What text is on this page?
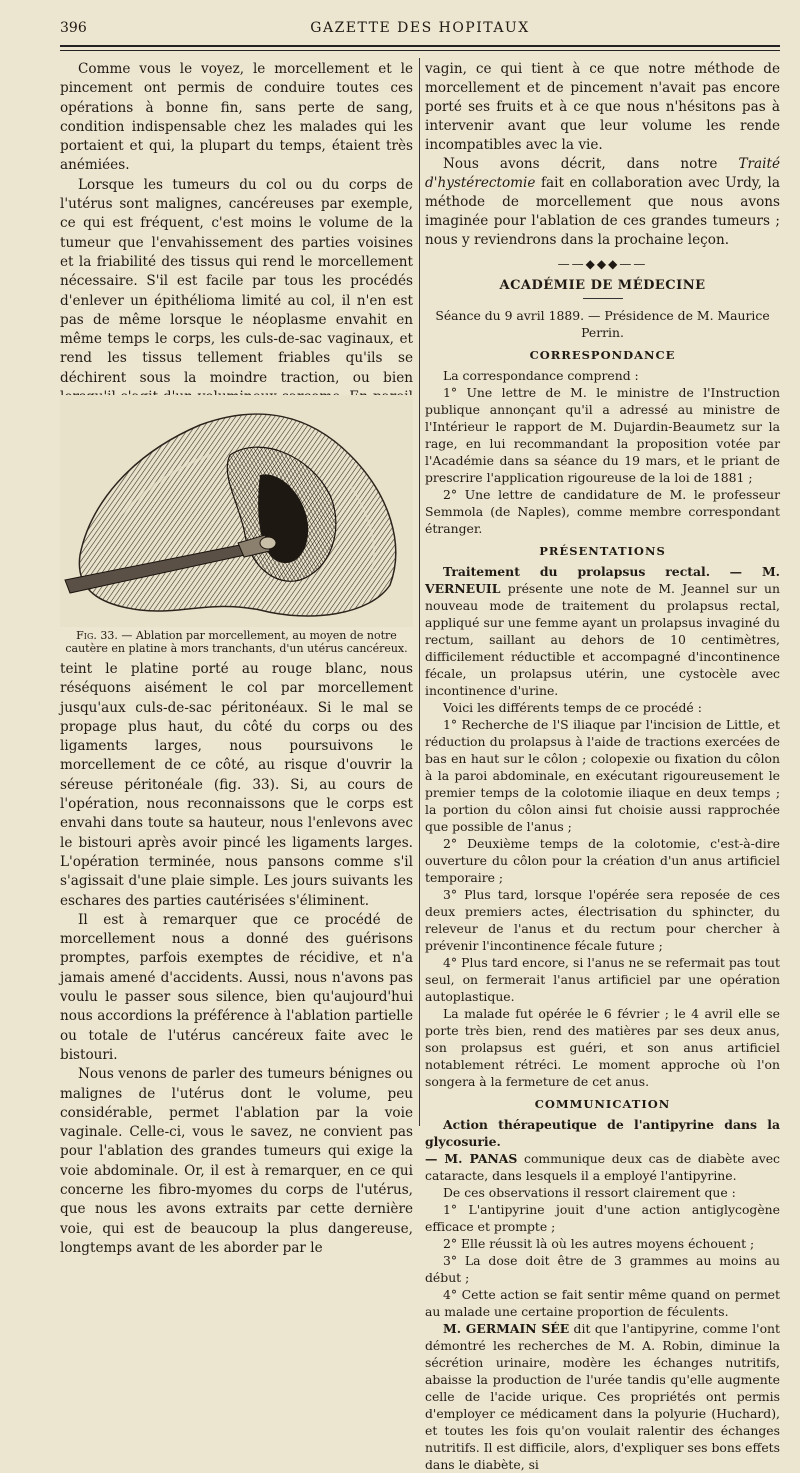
396	GAZETTE DES HOPITAUX

Comme vous le voyez, le morcellement et le pincement ont permis de conduire toutes ces opérations à bonne fin, sans perte de sang, condition indispensable chez les malades qui les portaient et qui, la plupart du temps, étaient très anémiées.

Lorsque les tumeurs du col ou du corps de l'utérus sont malignes, cancéreuses par exemple, ce qui est fréquent, c'est moins le volume de la tumeur que l'envahissement des parties voisines et la friabilité des tissus qui rend le morcellement nécessaire. S'il est facile par tous les procédés d'enlever un épithélioma limité au col, il n'en est pas de même lorsque le néoplasme envahit en même temps le corps, les culs-de-sac vaginaux, et rend les tissus tellement friables qu'ils se déchirent sous la moindre traction, ou bien

Fig. 33. — Ablation par morcellement, au moyen de notre cautère en platine à mors tranchants, d'un utérus cancéreux.

teint le platine porté au rouge blanc, nous réséquons aisément le col par morcellement jusqu'aux culs-de-sac péritonéaux. Si le mal se propage plus haut, du côté du corps ou des ligaments larges, nous poursuivons le morcellement de ce côté, au risque d'ouvrir la séreuse péritonéale (fig. 33). Si, au cours de l'opération, nous reconnaissons que le corps est envahi dans toute sa hauteur, nous l'enlevons avec le bistouri après avoir pincé les ligaments larges. L'opération terminée, nous pansons comme s'il s'agissait d'une plaie simple. Les jours suivants les eschares des parties cautérisées s'éliminent.

Il est à remarquer que ce procédé de morcellement nous a donné des guérisons promptes, parfois exemptes de récidive, et n'a jamais amené d'accidents. Aussi, nous n'avons pas voulu le passer sous silence, bien qu'aujourd'hui nous accordions la préférence à l'ablation partielle ou totale de l'utérus cancéreux faite avec le bistouri.

Nous venons de parler des tumeurs bénignes ou malignes de l'utérus dont le volume, peu considérable, permet l'ablation par la voie vaginale. Celle-ci, vous le savez, ne convient pas pour l'ablation des grandes tumeurs qui exige la voie abdominale. Or, il est à remarquer, en ce qui concerne les fibro-myomes du corps de l'utérus, que nous les avons extraits par cette dernière voie, qui est de beaucoup la plus dangereuse, longtemps avant de les aborder par le

vagin, ce qui tient à ce que notre méthode de morcellement et de pincement n'avait pas encore porté ses fruits et à ce que nous n'hésitons pas à intervenir avant que leur volume les rende incompatibles avec la vie.

Nous avons décrit, dans notre Traité d'hystérectomie fait en collaboration avec Urdy, la méthode de morcellement que nous avons imaginée pour l'ablation de ces grandes tumeurs ; nous y reviendrons dans la prochaine leçon.

——◆◆◆——
ACADÉMIE DE MÉDECINE
Séance du 9 avril 1889. — Présidence de M. Maurice Perrin.
CORRESPONDANCE

La correspondance comprend :

1° Une lettre de M. le ministre de l'Instruction publique annonçant qu'il a adressé au ministre de l'Intérieur le rapport de M. Dujardin-Beaumetz sur la rage, en lui recommandant la proposition votée par l'Académie dans sa séance du 19 mars, et le priant de prescrire l'application rigoureuse de la loi de 1881 ;

2° Une lettre de candidature de M. le professeur Semmola (de Naples), comme membre correspondant étranger.

PRÉSENTATIONS

Traitement du prolapsus rectal. — M. VERNEUIL présente une note de M. Jeannel sur un nouveau mode de traitement du prolapsus rectal, appliqué sur une femme ayant un prolapsus invaginé du rectum, saillant au dehors de 10 centimètres, difficilement réductible et accompagné d'incontinence fécale, un prolapsus utérin, une cystocèle avec incontinence d'urine.

Voici les différents temps de ce procédé :

1° Recherche de l'S iliaque par l'incision de Little, et réduction du prolapsus à l'aide de tractions exercées de bas en haut sur le côlon ; colopexie ou fixation du côlon à la paroi abdominale, en exécutant rigoureusement le premier temps de la colotomie iliaque en deux temps ; la portion du côlon ainsi fut choisie aussi rapprochée que possible de l'anus ;

2° Deuxième temps de la colotomie, c'est-à-dire ouverture du côlon pour la création d'un anus artificiel temporaire ;

3° Plus tard, lorsque l'opérée sera reposée de ces deux premiers actes, électrisation du sphincter, du releveur de l'anus et du rectum pour chercher à prévenir l'incontinence fécale future ;

4° Plus tard encore, si l'anus ne se refermait pas tout seul, on fermerait l'anus artificiel par une opération autoplastique.

La malade fut opérée le 6 février ; le 4 avril elle se porte très bien, rend des matières par ses deux anus, son prolapsus est guéri, et son anus artificiel notablement rétréci. Le moment approche où l'on songera à la fermeture de cet anus.

COMMUNICATION

Action thérapeutique de l'antipyrine dans la glycosurie.

— M. PANAS communique deux cas de diabète avec cataracte, dans lesquels il a employé l'antipyrine.

De ces observations il ressort clairement que :

1° L'antipyrine jouit d'une action antiglycogène efficace et prompte ;

2° Elle réussit là où les autres moyens échouent ;

3° La dose doit être de 3 grammes au moins au début ;

4° Cette action se fait sentir même quand on permet au malade une certaine proportion de féculents.

M. GERMAIN SÉE dit que l'antipyrine, comme l'ont démontré les recherches de M. A. Robin, diminue la sécrétion urinaire, modère les échanges nutritifs, abaisse la production de l'urée tandis qu'elle augmente celle de l'acide urique. Ces propriétés ont permis d'employer ce médicament dans la polyurie (Huchard), et toutes les fois qu'on voulait ralentir des échanges nutritifs. Il est difficile, alors, d'expliquer ses bons effets dans le diabète, si
